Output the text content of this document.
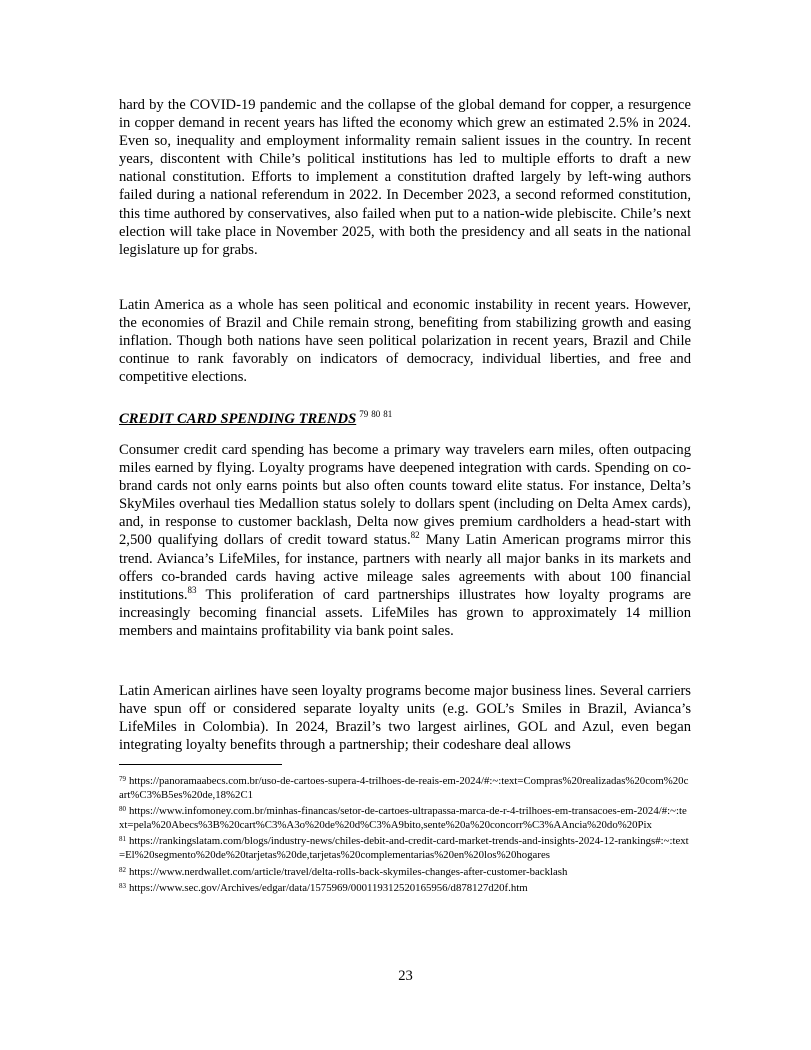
hard by the COVID-19 pandemic and the collapse of the global demand for copper, a resurgence in copper demand in recent years has lifted the economy which grew an estimated 2.5% in 2024. Even so, inequality and employment informality remain salient issues in the country. In recent years, discontent with Chile’s political institutions has led to multiple efforts to draft a new national constitution. Efforts to implement a constitution drafted largely by left-wing authors failed during a national referendum in 2022. In December 2023, a second reformed constitution, this time authored by conservatives, also failed when put to a nation-wide plebiscite. Chile’s next election will take place in November 2025, with both the presidency and all seats in the national legislature up for grabs.

Latin America as a whole has seen political and economic instability in recent years. However, the economies of Brazil and Chile remain strong, benefiting from stabilizing growth and easing inflation. Though both nations have seen political polarization in recent years, Brazil and Chile continue to rank favorably on indicators of democracy, individual liberties, and free and competitive elections.

CREDIT CARD SPENDING TRENDS 79 80 81

Consumer credit card spending has become a primary way travelers earn miles, often outpacing miles earned by flying. Loyalty programs have deepened integration with cards. Spending on co-brand cards not only earns points but also often counts toward elite status. For instance, Delta’s SkyMiles overhaul ties Medallion status solely to dollars spent (including on Delta Amex cards), and, in response to customer backlash, Delta now gives premium cardholders a head-start with 2,500 qualifying dollars of credit toward status.$^{82}$ Many Latin American programs mirror this trend. Avianca’s LifeMiles, for instance, partners with nearly all major banks in its markets and offers co-branded cards having active mileage sales agreements with about 100 financial institutions.$^{83}$ This proliferation of card partnerships illustrates how loyalty programs are increasingly becoming financial assets. LifeMiles has grown to approximately 14 million members and maintains profitability via bank point sales.

Latin American airlines have seen loyalty programs become major business lines. Several carriers have spun off or considered separate loyalty units (e.g. GOL’s Smiles in Brazil, Avianca’s LifeMiles in Colombia). In 2024, Brazil’s two largest airlines, GOL and Azul, even began integrating loyalty benefits through a partnership; their codeshare deal allows

$^{79}$ https://panoramaabecs.com.br/uso-de-cartoes-supera-4-trilhoes-de-reais-em-2024/#:~:text=Compras%20realizadas%20com%20cart%C3%B5es%20de,18%2C1

$^{80}$ https://www.infomoney.com.br/minhas-financas/setor-de-cartoes-ultrapassa-marca-de-r-4-trilhoes-em-transacoes-em-2024/#:~:text=pela%20Abecs%3B%20cart%C3%A3o%20de%20d%C3%A9bito,sente%20a%20concorr%C3%AAncia%20do%20Pix

$^{81}$ https://rankingslatam.com/blogs/industry-news/chiles-debit-and-credit-card-market-trends-and-insights-2024-12-rankings#:~:text=El%20segmento%20de%20tarjetas%20de,tarjetas%20complementarias%20en%20los%20hogares

$^{82}$ https://www.nerdwallet.com/article/travel/delta-rolls-back-skymiles-changes-after-customer-backlash

$^{83}$ https://www.sec.gov/Archives/edgar/data/1575969/000119312520165956/d878127d20f.htm

23
